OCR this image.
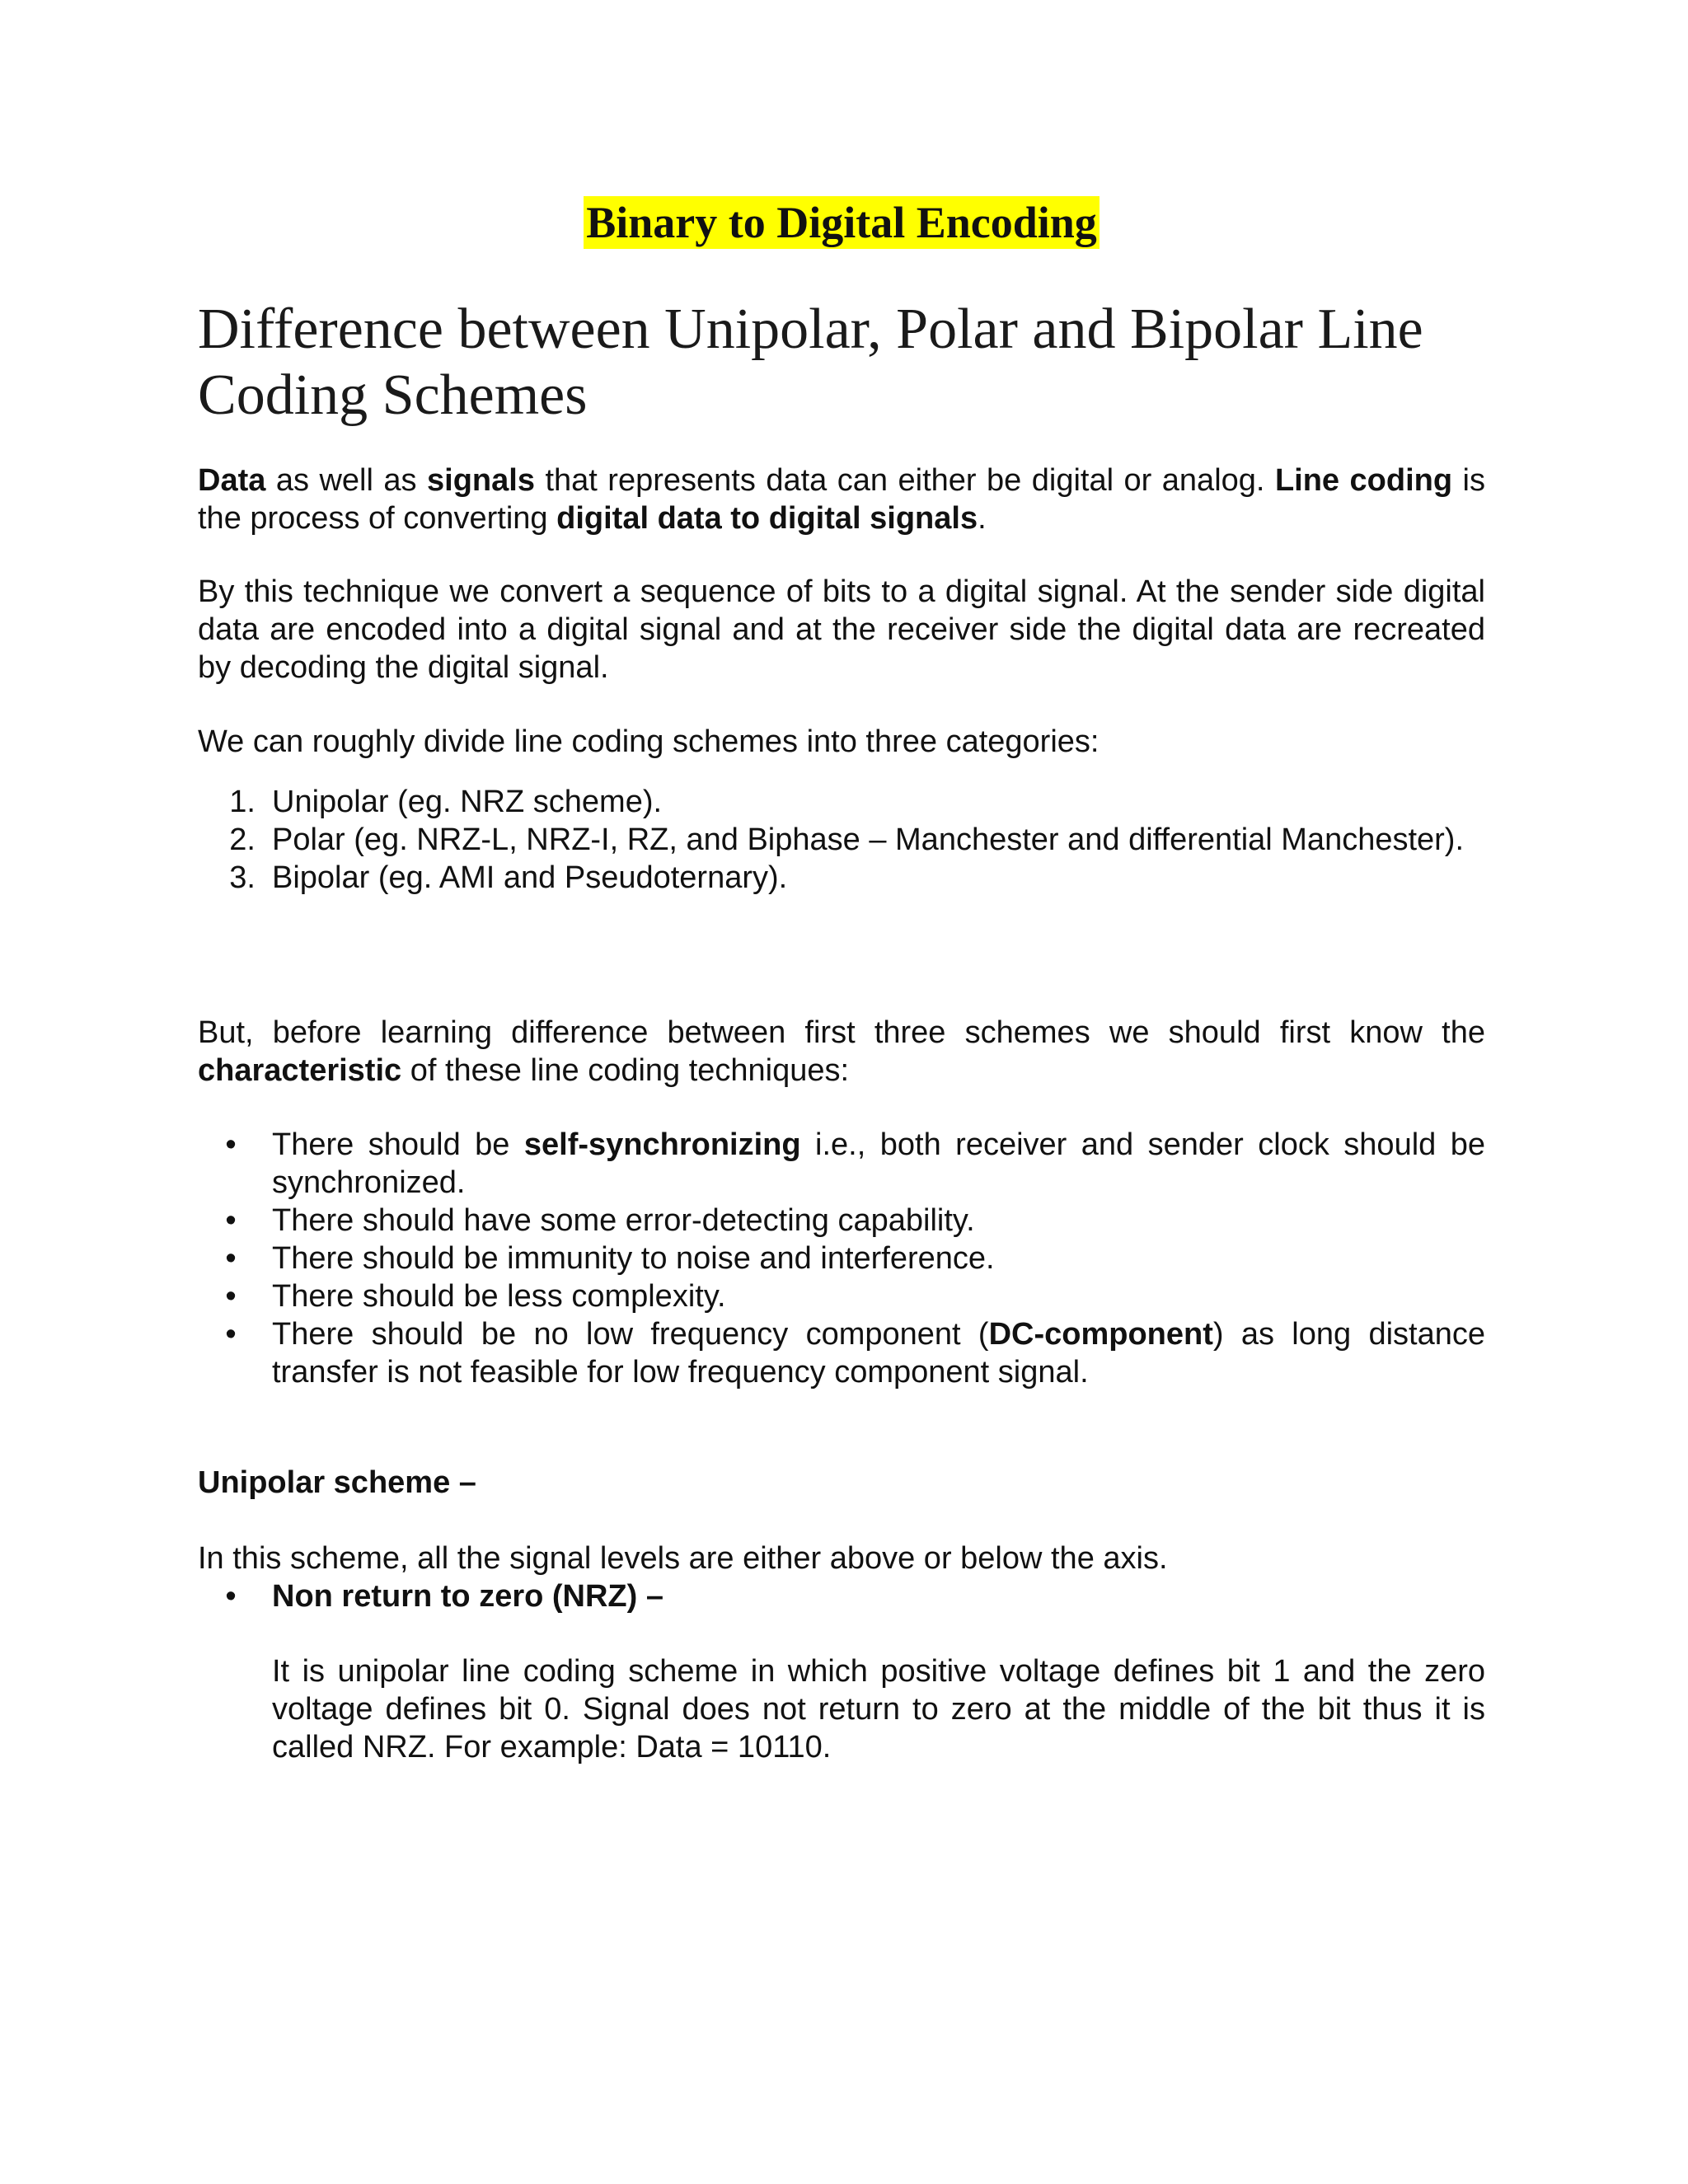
Binary to Digital Encoding
Difference between Unipolar, Polar and Bipolar Line Coding Schemes

Data as well as signals that represents data can either be digital or analog. Line coding is the process of converting digital data to digital signals.

By this technique we convert a sequence of bits to a digital signal. At the sender side digital data are encoded into a digital signal and at the receiver side the digital data are recreated by decoding the digital signal.

We can roughly divide line coding schemes into three categories:

1. Unipolar (eg. NRZ scheme).
2. Polar (eg. NRZ-L, NRZ-I, RZ, and Biphase – Manchester and differential Manchester).
3. Bipolar (eg. AMI and Pseudoternary).

But, before learning difference between first three schemes we should first know the characteristic of these line coding techniques:

• There should be self-synchronizing i.e., both receiver and sender clock should be synchronized.
• There should have some error-detecting capability.
• There should be immunity to noise and interference.
• There should be less complexity.
• There should be no low frequency component (DC-component) as long distance transfer is not feasible for low frequency component signal.
Unipolar scheme –

In this scheme, all the signal levels are either above or below the axis.

• Non return to zero (NRZ) –

It is unipolar line coding scheme in which positive voltage defines bit 1 and the zero voltage defines bit 0. Signal does not return to zero at the middle of the bit thus it is called NRZ. For example: Data = 10110.
